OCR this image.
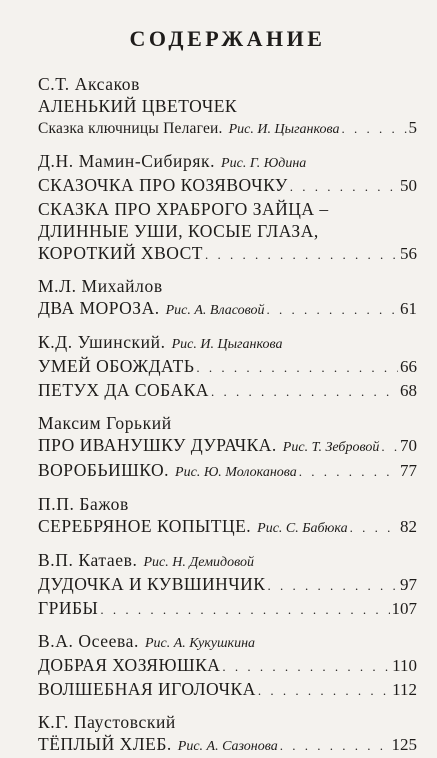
СОДЕРЖАНИЕ
С.Т. Аксаков
АЛЕНЬКИЙ ЦВЕТОЧЕК
Сказка ключницы Пелагеи. Рис. И. Цыганкова . . .	5
Д.Н. Мамин-Сибиряк. Рис. Г. Юдина
СКАЗОЧКА ПРО КОЗЯВОЧКУ . . .	50
СКАЗКА ПРО ХРАБРОГО ЗАЙЦА –
ДЛИННЫЕ УШИ, КОСЫЕ ГЛАЗА,
КОРОТКИЙ ХВОСТ . . .	56
М.Л. Михайлов
ДВА МОРОЗА. Рис. А. Власовой . . .	61
К.Д. Ушинский. Рис. И. Цыганкова
УМЕЙ ОБОЖДАТЬ . . .	66
ПЕТУХ ДА СОБАКА . . .	68
Максим Горький
ПРО ИВАНУШКУ ДУРАЧКА. Рис. Т. Зебровой . . . 70
ВОРОБЬИШКО. Рис. Ю. Молоканова . . .	77
П.П. Бажов
СЕРЕБРЯНОЕ КОПЫТЦЕ. Рис. С. Бабюка . . .	82
В.П. Катаев. Рис. Н. Демидовой
ДУДОЧКА И КУВШИНЧИК . . .	97
ГРИБЫ . . .	107
В.А. Осеева. Рис. А. Кукушкина
ДОБРАЯ ХОЗЯЮШКА . . .	110
ВОЛШЕБНАЯ ИГОЛОЧКА . . .	112
К.Г. Паустовский
ТЁПЛЫЙ ХЛЕБ. Рис. А. Сазонова . . .	125
